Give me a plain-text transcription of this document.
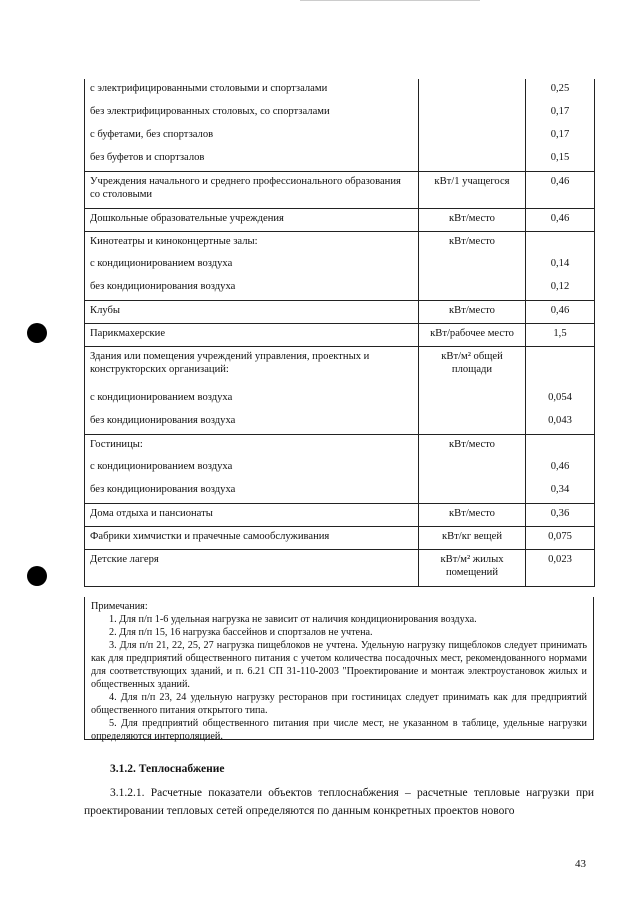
с электрифицированными столовыми и спортзалами		0,25
без электрифицированных столовых, со спортзалами		0,17
с буфетами, без спортзалов		0,17
без буфетов и спортзалов		0,15
Учреждения начального и среднего профессионального образования со столовыми	кВт/1 учащегося	0,46
Дошкольные образовательные учреждения	кВт/место	0,46
Кинотеатры и киноконцертные залы:	кВт/место	
с кондиционированием воздуха		0,14
без кондиционирования воздуха		0,12
Клубы	кВт/место	0,46
Парикмахерские	кВт/рабочее место	1,5
Здания или помещения учреждений управления, проектных и конструкторских организаций:	кВт/м² общей площади	
с кондиционированием воздуха		0,054
без кондиционирования воздуха		0,043
Гостиницы:	кВт/место	
с кондиционированием воздуха		0,46
без кондиционирования воздуха		0,34
Дома отдыха и пансионаты	кВт/место	0,36
Фабрики химчистки и прачечные самообслуживания	кВт/кг вещей	0,075
Детские лагеря	кВт/м² жилых помещений	0,023

Примечания:

1. Для п/п 1-6 удельная нагрузка не зависит от наличия кондиционирования воздуха.

2. Для п/п 15, 16 нагрузка бассейнов и спортзалов не учтена.

3. Для п/п 21, 22, 25, 27 нагрузка пищеблоков не учтена. Удельную нагрузку пищеблоков следует принимать как для предприятий общественного питания с учетом количества посадочных мест, рекомендованного нормами для соответствующих зданий, и п. 6.21 СП 31-110-2003 "Проектирование и монтаж электроустановок жилых и общественных зданий.

4. Для п/п 23, 24 удельную нагрузку ресторанов при гостиницах следует принимать как для предприятий общественного питания открытого типа.

5. Для предприятий общественного питания при числе мест, не указанном в таблице, удельные нагрузки определяются интерполяцией.

3.1.2. Теплоснабжение
3.1.2.1. Расчетные показатели объектов теплоснабжения – расчетные тепловые нагрузки при проектировании тепловых сетей определяются по данным конкретных проектов нового
43
